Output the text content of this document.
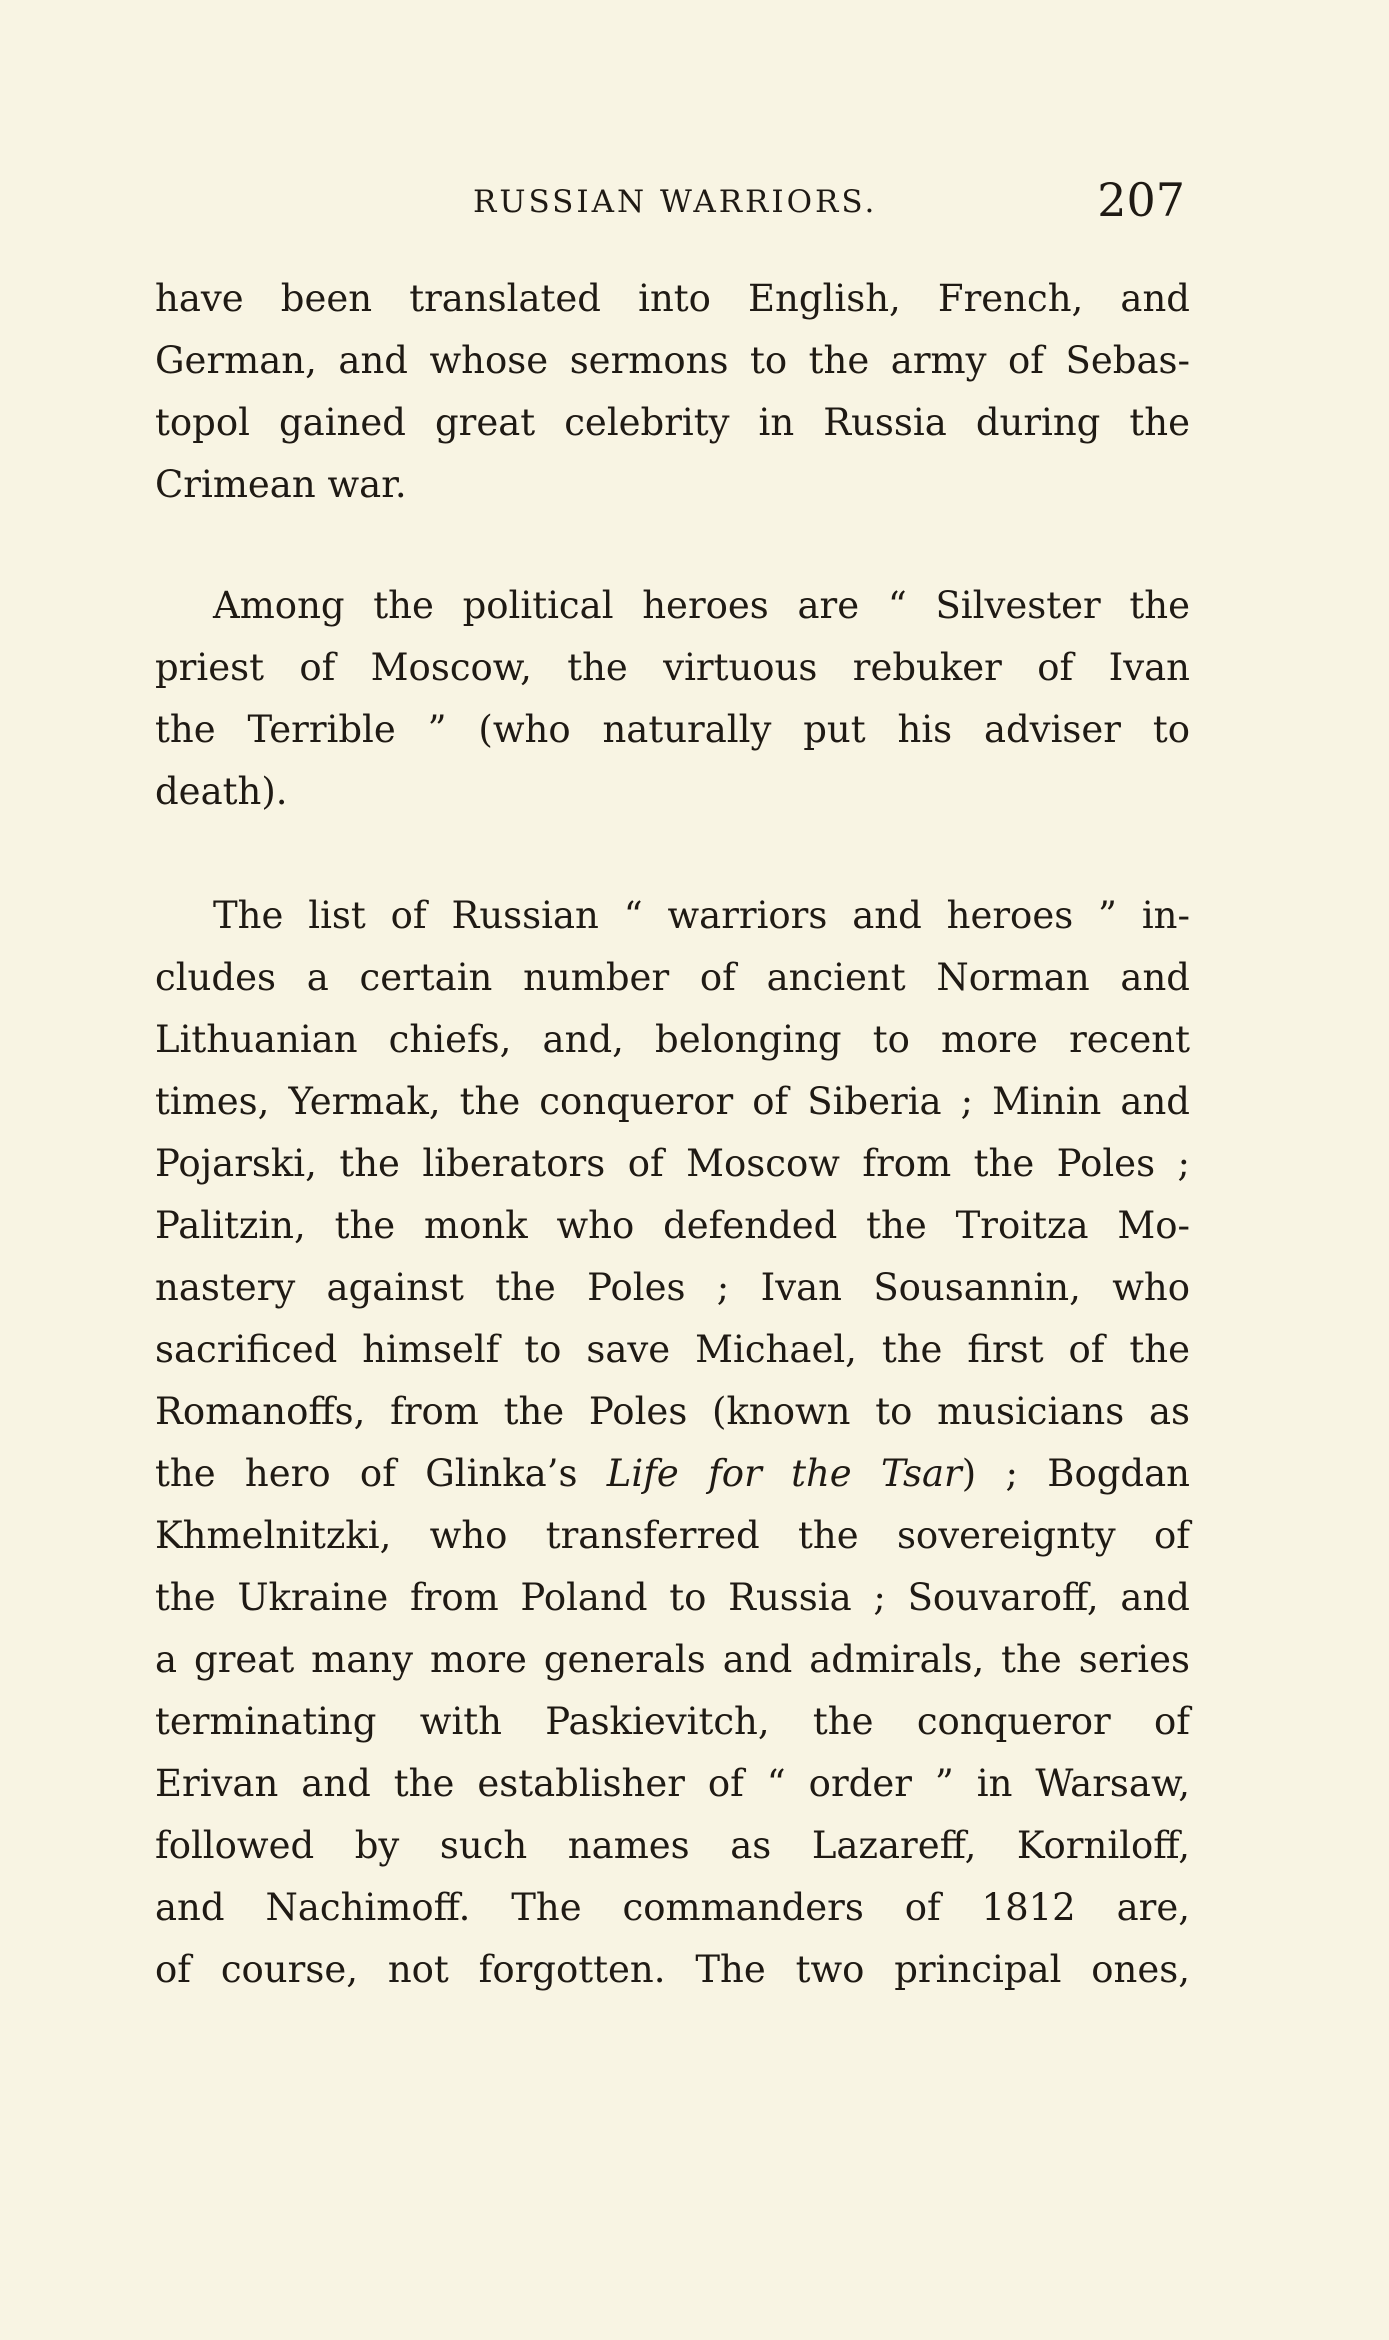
RUSSIAN WARRIORS.	207
have been translated into English, French, and
German, and whose sermons to the army of Sebas-
topol gained great celebrity in Russia during the
Crimean war.
Among the political heroes are “ Silvester the
priest of Moscow, the virtuous rebuker of Ivan
the Terrible ” (who naturally put his adviser to
death).
The list of Russian “ warriors and heroes ” in-
cludes a certain number of ancient Norman and
Lithuanian chiefs, and, belonging to more recent
times, Yermak, the conqueror of Siberia ; Minin and
Pojarski, the liberators of Moscow from the Poles ;
Palitzin, the monk who defended the Troitza Mo-
nastery against the Poles ; Ivan Sousannin, who
sacrificed himself to save Michael, the first of the
Romanoffs, from the Poles (known to musicians as
the hero of Glinka’s Life for the Tsar) ; Bogdan
Khmelnitzki, who transferred the sovereignty of
the Ukraine from Poland to Russia ; Souvaroff, and
a great many more generals and admirals, the series
terminating with Paskievitch, the conqueror of
Erivan and the establisher of “ order ” in Warsaw,
followed by such names as Lazareff, Korniloff,
and Nachimoff. The commanders of 1812 are,
of course, not forgotten. The two principal ones,
